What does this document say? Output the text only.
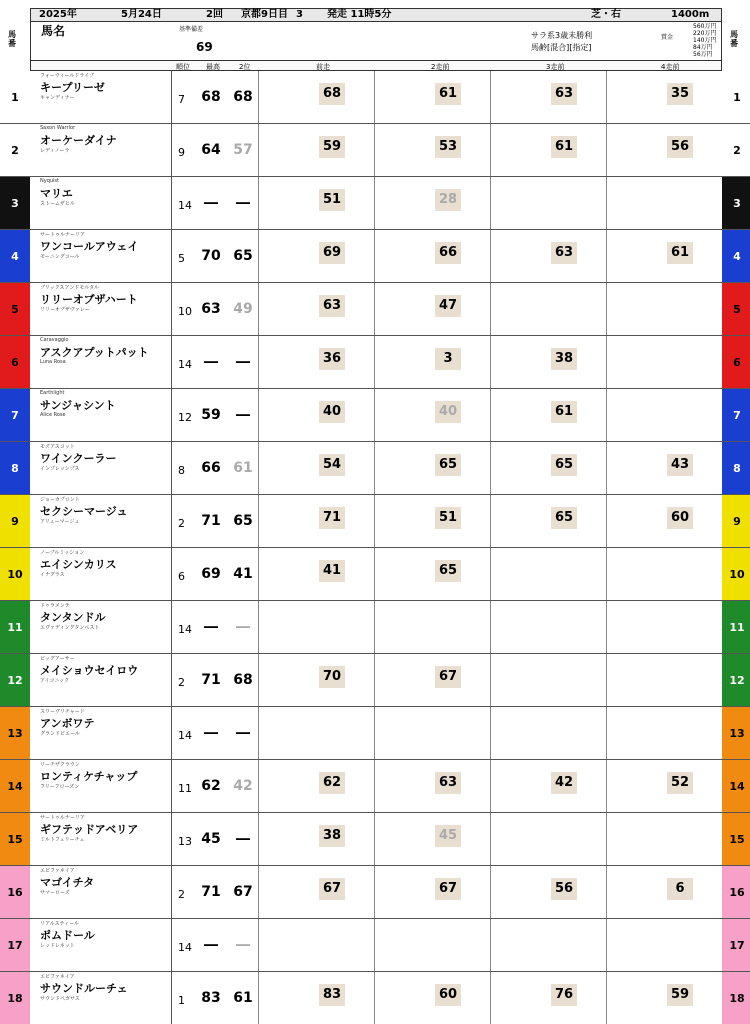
2025年	5月24日	2回 京都9日目 3 発走 11時5分	芝・右	1400m
馬名	基準備差
69
サラ系3歳未勝利
馬齢[混合][指定]
賞金
560万円
220万円
140万円
84万円
56万円
馬番
馬番
順位 最高	2位	前走	2走前	3走前	4走前
1	1
フォーウィールドライブ
キープリーゼ
キャンディナー	7 68 68	68	61	63	35
2	2
Saxon Warrior
オーケーダイナ
レディノーラ	9 64 57	59	53	61	56
3	3
Nyquist
マリエ
ストームザヒル	14 ―	―	51	28
4	4
サートゥルナーリア
ワンコールアウェイ
モーニングコール	5 70 65	69	66	63	61
5	5
ブリックスアンドモルタル
リリーオブザハート
リリーオブザヴァレー	10 63 49	63	47
6	6
Caravaggio
アスクアプットパット
Luna Rosa	14 ―	―	36	3	38
7	7
Earthlight
サンジャシント
Alice Rose	12 59	―	40	40	61
8	8
モズアスコット
ワインクーラー
インプレッシブス	8 66 61	54	65	65	43
9	9
ジョーカプロント
セクシーマージュ
アリューマージュ	2 71 65	71	51	65	60
10	10
ノーブルミッション
エイシンカリス
イナグラス	6 69 41	41	65
11	11
ドゥラメンテ
タンタンドル
エヴァディングタンペスト	14 ―	―
12	12
ビッグアーサー
メイショウセイロウ
アイコニック	2 71 68	70	67
13	13
スワーヴリチャード
アンボワテ
グランドピエール	14 ―	―
14	14
リーチザクラウン
ロンティケチャップ
フリーフローズン	11 62 42	62	63	42	52
15	15
サートゥルナーリア
ギフテッドアベリア
ミルトフェリーチェ	13 45	―	38	45
16	16
エピファネイア
マゴイチタ
サマーローズ	2 71 67	67	67	56	6
17	17
リアルスティール
ポムドール
レッドレネット	14 ―	―
18	18
エピファネイア
サウンドルーチェ
サウンドペガサス	1 83 61	83	60	76	59
